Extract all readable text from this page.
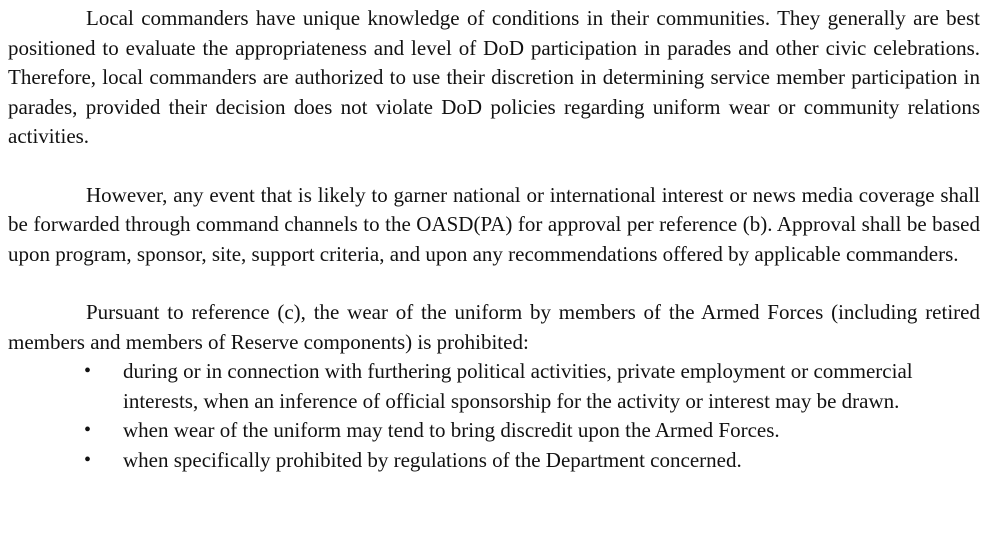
Local commanders have unique knowledge of conditions in their communities. They generally are best positioned to evaluate the appropriateness and level of DoD participation in parades and other civic celebrations. Therefore, local commanders are authorized to use their discretion in determining service member participation in parades, provided their decision does not violate DoD policies regarding uniform wear or community relations activities.

However, any event that is likely to garner national or international interest or news media coverage shall be forwarded through command channels to the OASD(PA) for approval per reference (b). Approval shall be based upon program, sponsor, site, support criteria, and upon any recommendations offered by applicable commanders.

Pursuant to reference (c), the wear of the uniform by members of the Armed Forces (including retired members and members of Reserve components) is prohibited:

• during or in connection with furthering political activities, private employment or commercial interests, when an inference of official sponsorship for the activity or interest may be drawn.
• when wear of the uniform may tend to bring discredit upon the Armed Forces.
• when specifically prohibited by regulations of the Department concerned.
